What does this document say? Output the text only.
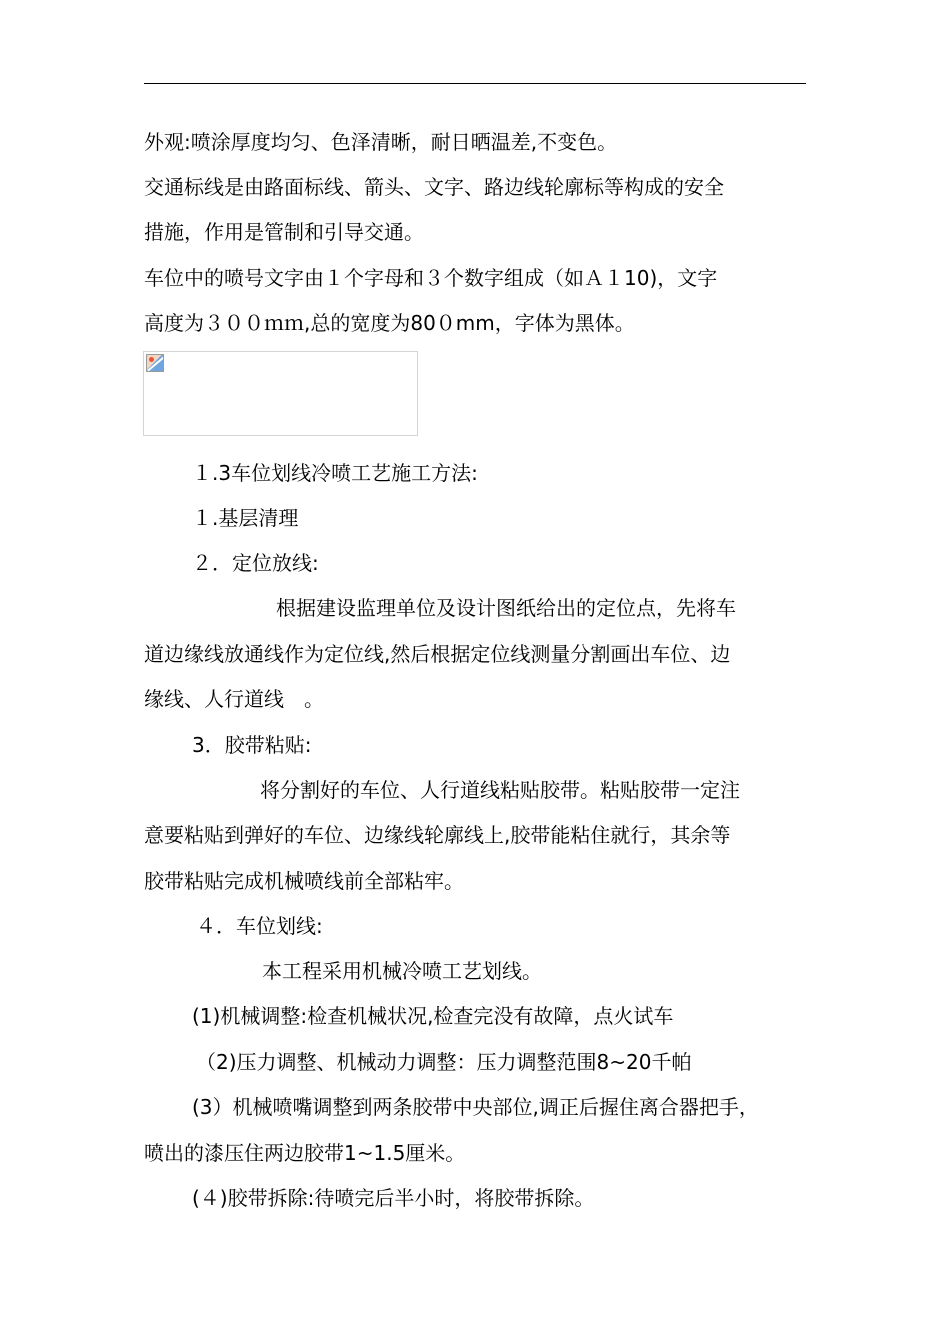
外观:喷涂厚度均匀、色泽清晰，耐日晒温差,不变色。
交通标线是由路面标线、箭头、文字、路边线轮廓标等构成的安全
措施，作用是管制和引导交通。
车位中的喷号文字由１个字母和３个数字组成（如Ａ１10)，文字
高度为３００ｍｍ,总的宽度为80０mm，字体为黑体。
１.3车位划线冷喷工艺施工方法:
１.基层清理
２．定位放线:
根据建设监理单位及设计图纸给出的定位点，先将车
道边缘线放通线作为定位线,然后根据定位线测量分割画出车位、边
缘线、人行道线　。
3．胶带粘贴:
将分割好的车位、人行道线粘贴胶带。粘贴胶带一定注
意要粘贴到弹好的车位、边缘线轮廓线上,胶带能粘住就行，其余等
胶带粘贴完成机械喷线前全部粘牢。
４．车位划线:
本工程采用机械冷喷工艺划线。
(1)机械调整:检查机械状况,检查完没有故障，点火试车
（2)压力调整、机械动力调整：压力调整范围8~20千帕
(3）机械喷嘴调整到两条胶带中央部位,调正后握住离合器把手，
喷出的漆压住两边胶带1~1.5厘米。
(４)胶带拆除:待喷完后半小时，将胶带拆除。
